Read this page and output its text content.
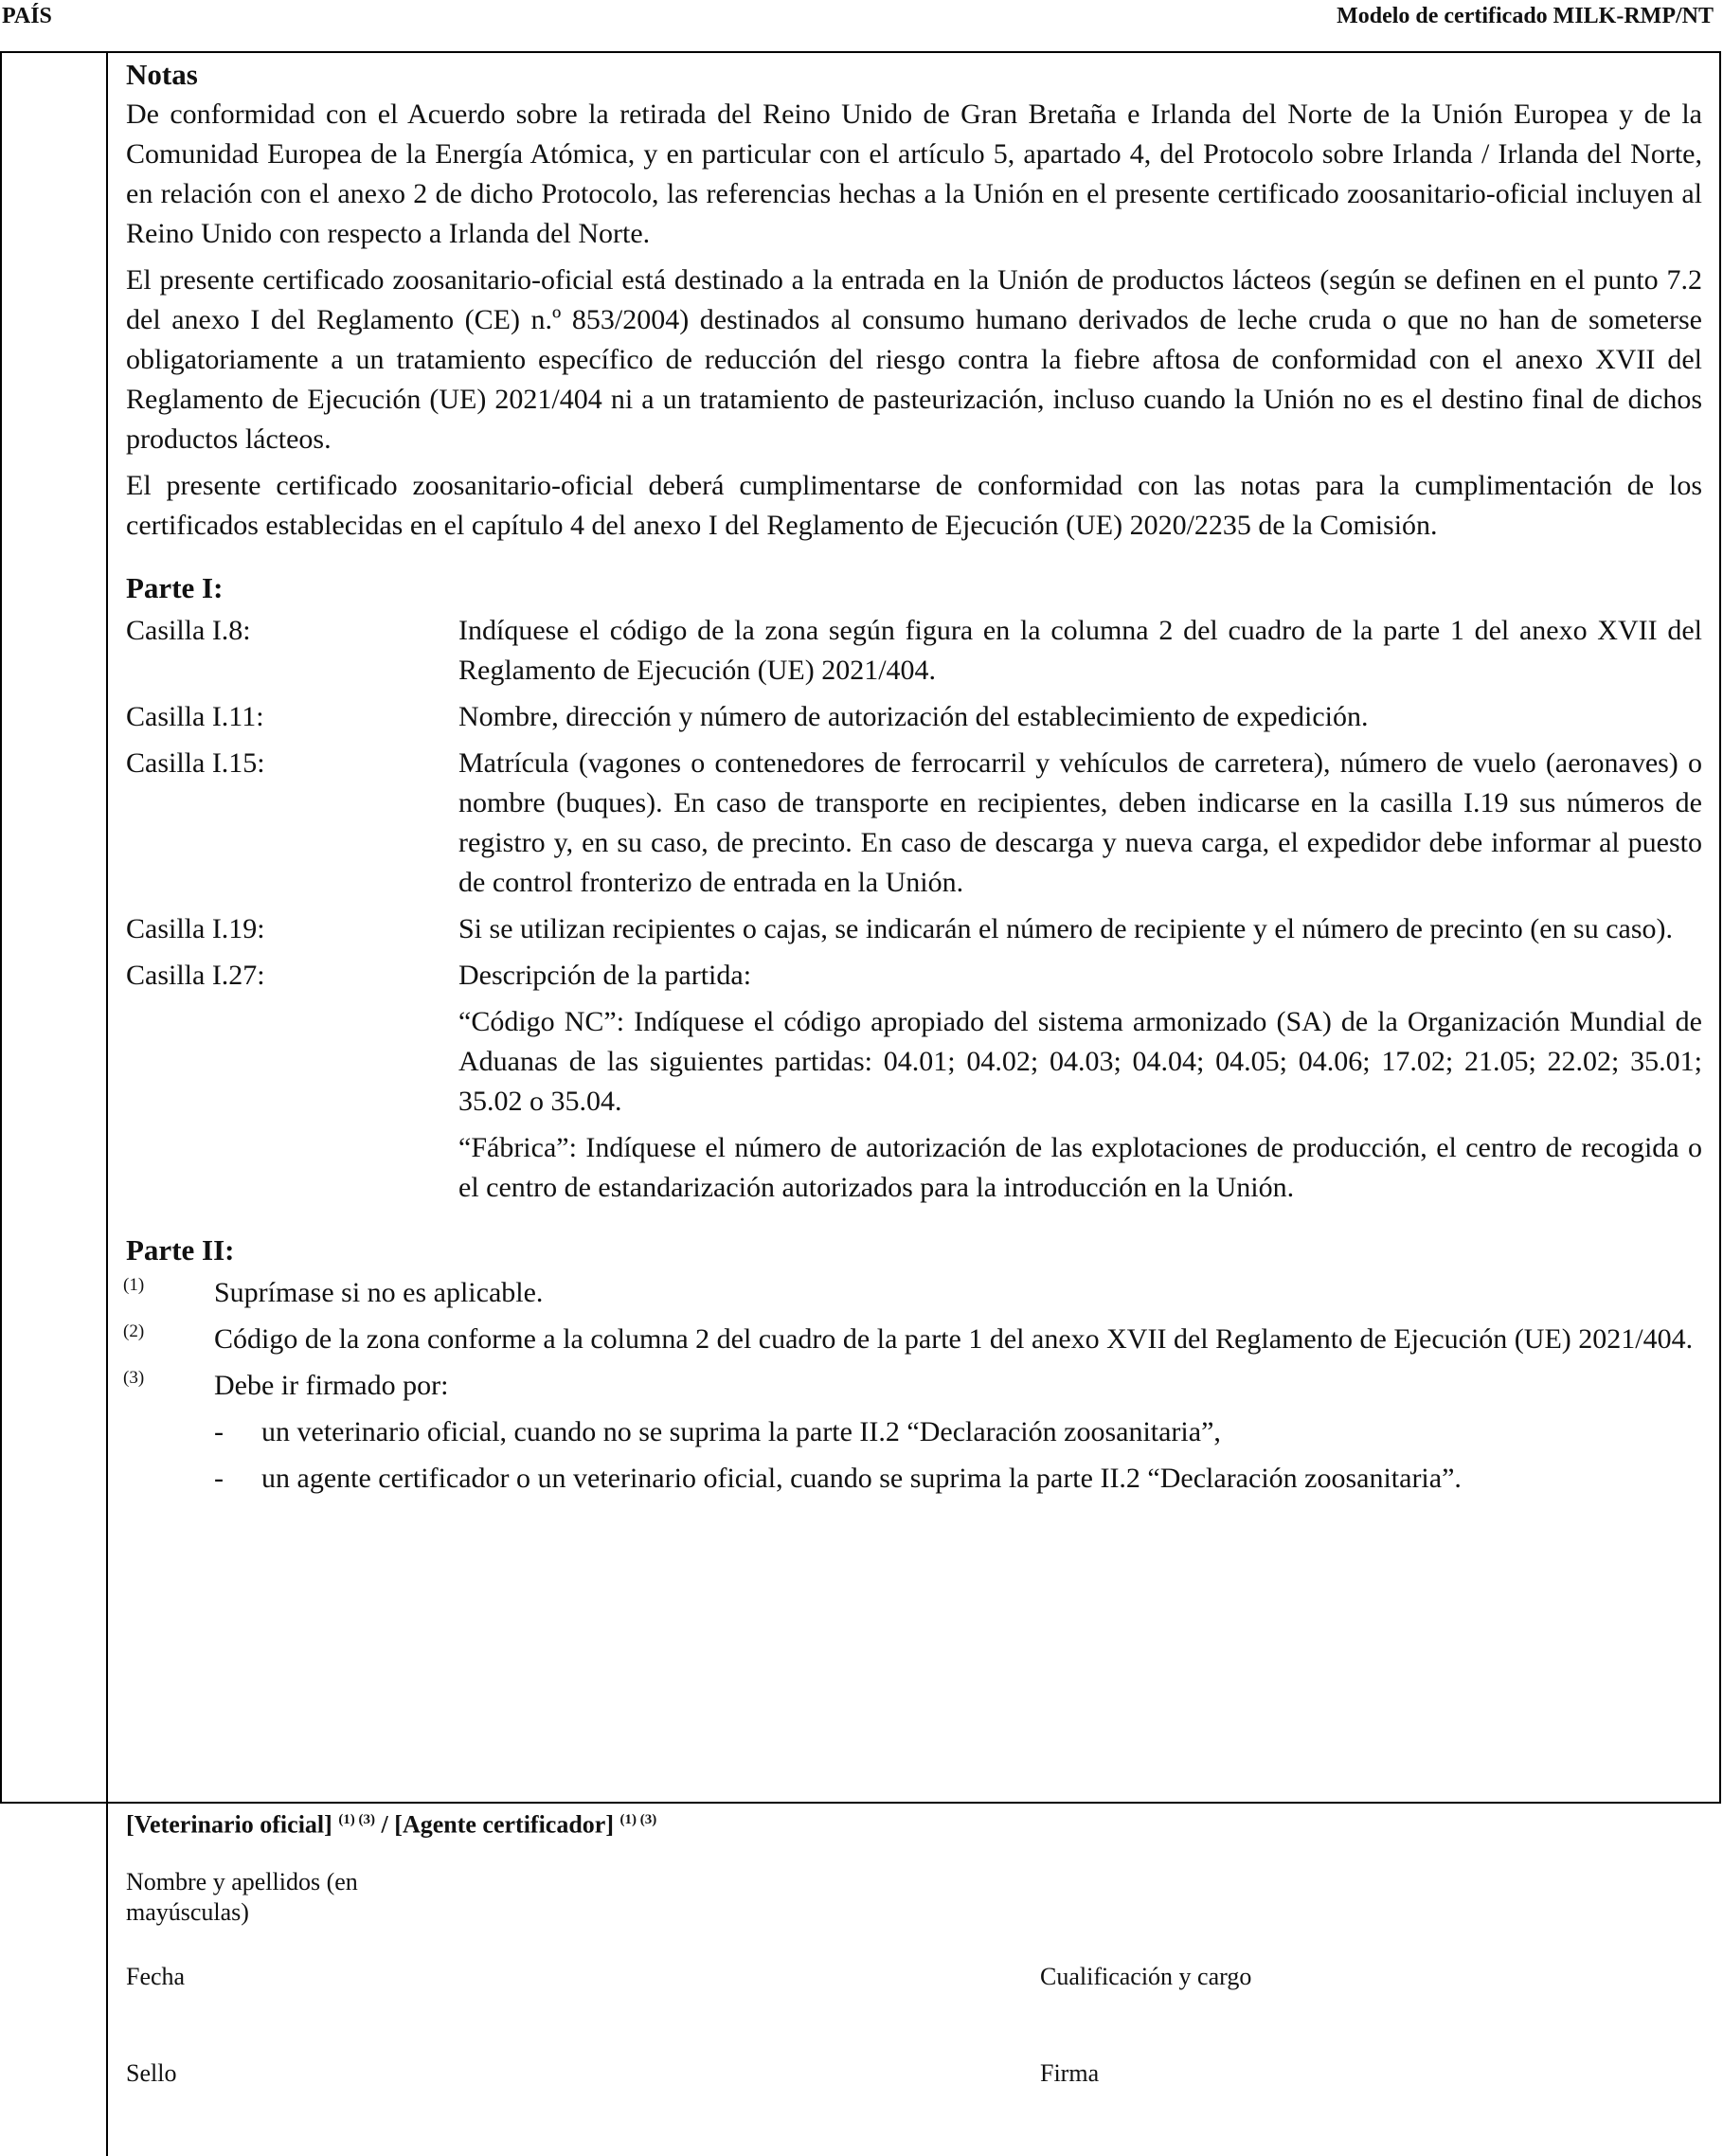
PAÍS	Modelo de certificado MILK-RMP/NT
Notas

De conformidad con el Acuerdo sobre la retirada del Reino Unido de Gran Bretaña e Irlanda del Norte de la Unión Europea y de la Comunidad Europea de la Energía Atómica, y en particular con el artículo 5, apartado 4, del Protocolo sobre Irlanda / Irlanda del Norte, en relación con el anexo 2 de dicho Protocolo, las referencias hechas a la Unión en el presente certificado zoosanitario-oficial incluyen al Reino Unido con respecto a Irlanda del Norte.

El presente certificado zoosanitario-oficial está destinado a la entrada en la Unión de productos lácteos (según se definen en el punto 7.2 del anexo I del Reglamento (CE) n.º 853/2004) destinados al consumo humano derivados de leche cruda o que no han de someterse obligatoriamente a un tratamiento específico de reducción del riesgo contra la fiebre aftosa de conformidad con el anexo XVII del Reglamento de Ejecución (UE) 2021/404 ni a un tratamiento de pasteurización, incluso cuando la Unión no es el destino final de dichos productos lácteos.

El presente certificado zoosanitario-oficial deberá cumplimentarse de conformidad con las notas para la cumplimentación de los certificados establecidas en el capítulo 4 del anexo I del Reglamento de Ejecución (UE) 2020/2235 de la Comisión.

Parte I:
Casilla I.8:	Indíquese el código de la zona según figura en la columna 2 del cuadro de la parte 1 del anexo XVII del Reglamento de Ejecución (UE) 2021/404.

Casilla I.11:	Nombre, dirección y número de autorización del establecimiento de expedición.

Casilla I.15:	Matrícula (vagones o contenedores de ferrocarril y vehículos de carretera), número de vuelo (aeronaves) o nombre (buques). En caso de transporte en recipientes, deben indicarse en la casilla I.19 sus números de registro y, en su caso, de precinto. En caso de descarga y nueva carga, el expedidor debe informar al puesto de control fronterizo de entrada en la Unión.

Casilla I.19:	Si se utilizan recipientes o cajas, se indicarán el número de recipiente y el número de precinto (en su caso).

Casilla I.27:	Descripción de la partida:

“Código NC”: Indíquese el código apropiado del sistema armonizado (SA) de la Organización Mundial de Aduanas de las siguientes partidas: 04.01; 04.02; 04.03; 04.04; 04.05; 04.06; 17.02; 21.05; 22.02; 35.01; 35.02 o 35.04.

“Fábrica”: Indíquese el número de autorización de las explotaciones de producción, el centro de recogida o el centro de estandarización autorizados para la introducción en la Unión.

Parte II:
(1)	Suprímase si no es aplicable.
(2)	Código de la zona conforme a la columna 2 del cuadro de la parte 1 del anexo XVII del Reglamento de Ejecución (UE) 2021/404.
(3)	Debe ir firmado por:
-	un veterinario oficial, cuando no se suprima la parte II.2 “Declaración zoosanitaria”,
-	un agente certificador o un veterinario oficial, cuando se suprima la parte II.2 “Declaración zoosanitaria”.
[Veterinario oficial] $^{(1) (3)}$ / [Agente certificador] $^{(1) (3)}$
Nombre y apellidos (en
mayúsculas)
Fecha	Cualificación y cargo
Sello	Firma
